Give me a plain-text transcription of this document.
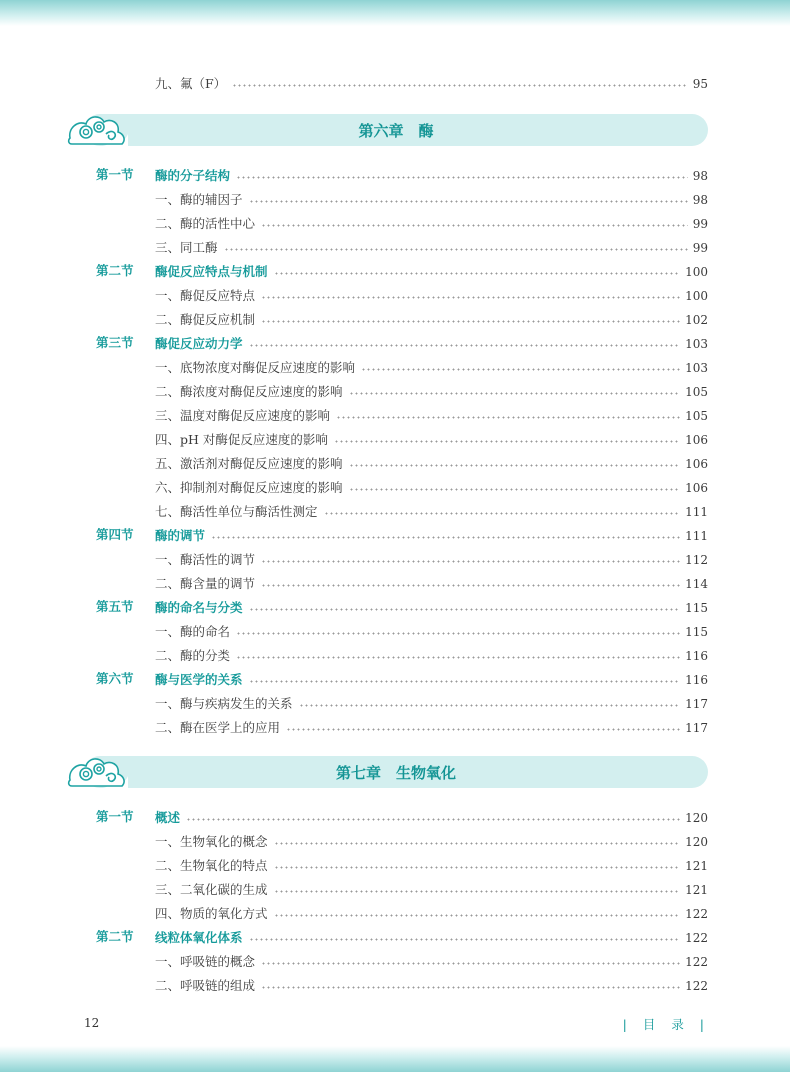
九、氟（F）	95
第六章　酶
第一节 酶的分子结构	98
一、酶的辅因子	98
二、酶的活性中心	99
三、同工酶	99
第二节 酶促反应特点与机制	100
一、酶促反应特点	100
二、酶促反应机制	102
第三节 酶促反应动力学	103
一、底物浓度对酶促反应速度的影响	103
二、酶浓度对酶促反应速度的影响	105
三、温度对酶促反应速度的影响	105
四、pH 对酶促反应速度的影响	106
五、激活剂对酶促反应速度的影响	106
六、抑制剂对酶促反应速度的影响	106
七、酶活性单位与酶活性测定	111
第四节 酶的调节	111
一、酶活性的调节	112
二、酶含量的调节	114
第五节 酶的命名与分类	115
一、酶的命名	115
二、酶的分类	116
第六节 酶与医学的关系	116
一、酶与疾病发生的关系	117
二、酶在医学上的应用	117
第七章　生物氧化
第一节 概述	120
一、生物氧化的概念	120
二、生物氧化的特点	121
三、二氧化碳的生成	121
四、物质的氧化方式	122
第二节 线粒体氧化体系	122
一、呼吸链的概念	122
二、呼吸链的组成	122
12	| 目 录 |
